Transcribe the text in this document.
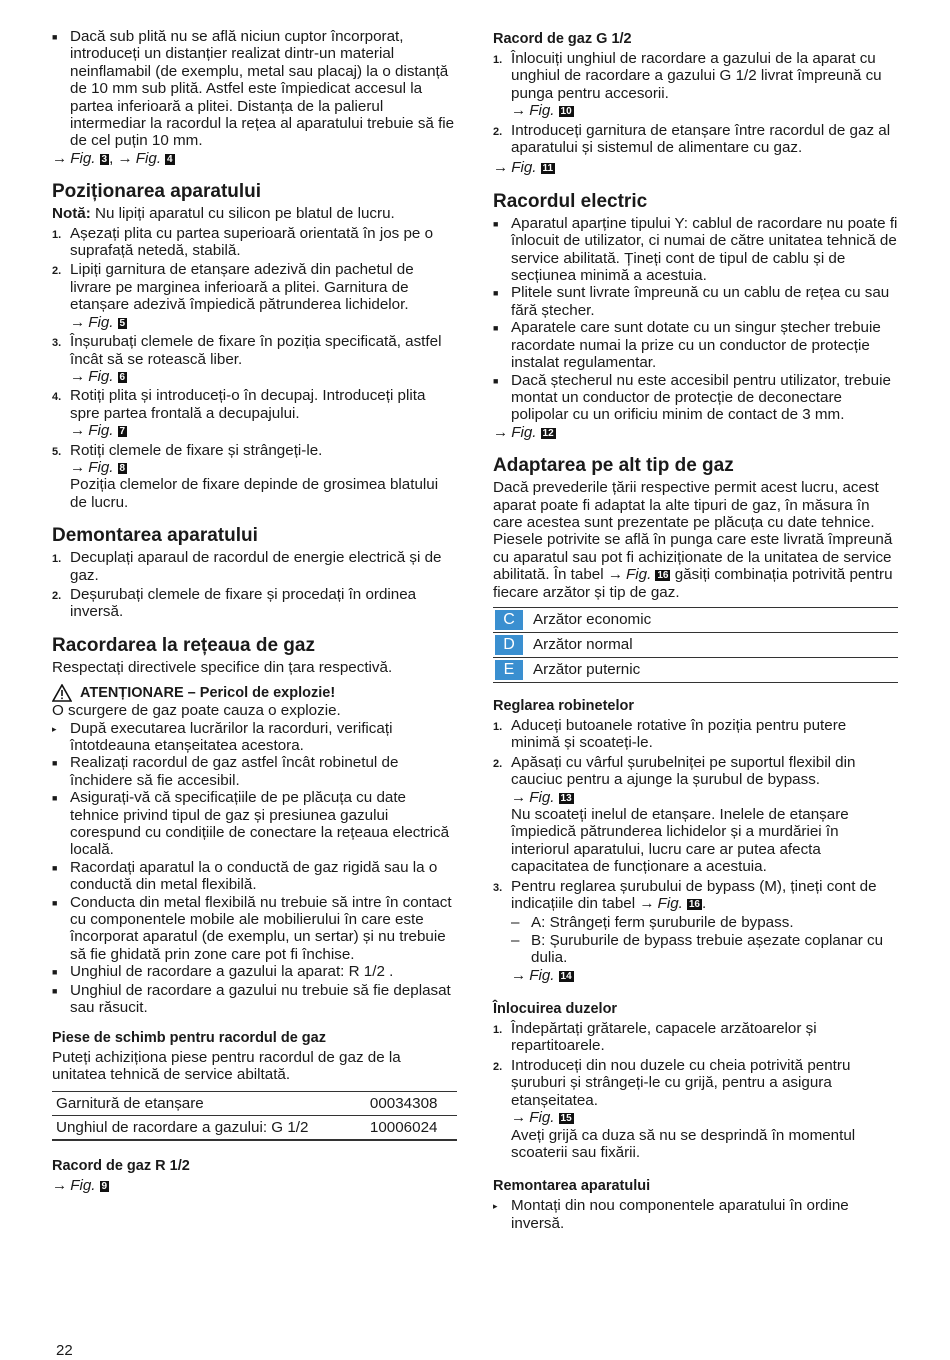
■ Dacă sub plită nu se află niciun cuptor încorporat, introduceți un distanțier realizat dintr-un material neinflamabil (de exemplu, metal sau placaj) la o distanță de 10 mm sub plită. Astfel este împiedicat accesul la partea inferioară a plitei. Distanța de la palierul intermediar la racordul la rețea al aparatului trebuie să fie de cel puțin 10 mm.
→ Fig. 3 , → Fig. 4
Poziționarea aparatului
Notă: Nu lipiți aparatul cu silicon pe blatul de lucru.
1. Așezați plita cu partea superioară orientată în jos pe o suprafață netedă, stabilă.
2. Lipiți garnitura de etanșare adezivă din pachetul de livrare pe marginea inferioară a plitei. Garnitura de etanșare adezivă împiedică pătrunderea lichidelor.
→ Fig. 5
3. Înșurubați clemele de fixare în poziția specificată, astfel încât să se rotească liber.
→ Fig. 6
4. Rotiți plita și introduceți-o în decupaj. Introduceți plita spre partea frontală a decupajului.
→ Fig. 7
5. Rotiți clemele de fixare și strângeți-le.
→ Fig. 8
Poziția clemelor de fixare depinde de grosimea blatului de lucru.
Demontarea aparatului
1. Decuplați aparaul de racordul de energie electrică și de gaz.
2. Deșurubați clemele de fixare și procedați în ordinea inversă.
Racordarea la rețeaua de gaz
Respectați directivele specifice din țara respectivă.
ATENȚIONARE – Pericol de explozie!
O scurgere de gaz poate cauza o explozie.
▸ După executarea lucrărilor la racorduri, verificați întotdeauna etanșeitatea acestora.
■ Realizați racordul de gaz astfel încât robinetul de închidere să fie accesibil.
■ Asigurați-vă că specificațiile de pe plăcuța cu date tehnice privind tipul de gaz și presiunea gazului corespund cu condițiile de conectare la rețeaua electrică locală.
■ Racordați aparatul la o conductă de gaz rigidă sau la o conductă din metal flexibilă.
■ Conducta din metal flexibilă nu trebuie să intre în contact cu componentele mobile ale mobilierului în care este încorporat aparatul (de exemplu, un sertar) și nu trebuie să fie ghidată prin zone care pot fi închise.
■ Unghiul de racordare a gazului la aparat: R 1/2 .
■ Unghiul de racordare a gazului nu trebuie să fie deplasat sau răsucit.
Piese de schimb pentru racordul de gaz
Puteți achiziționa piese pentru racordul de gaz de la unitatea tehnică de service abiltată.
Garnitură de etanșare	00034308
Unghiul de racordare a gazului: G 1/2	10006024
Racord de gaz R 1/2
→ Fig. 9
Racord de gaz G 1/2
1. Înlocuiți unghiul de racordare a gazului de la aparat cu unghiul de racordare a gazului G 1/2 livrat împreună cu punga pentru accesorii.
→ Fig. 10
2. Introduceți garnitura de etanșare între racordul de gaz al aparatului și sistemul de alimentare cu gaz.
→ Fig. 11
Racordul electric
■ Aparatul aparține tipului Y: cablul de racordare nu poate fi înlocuit de utilizator, ci numai de către unitatea tehnică de service abilitată. Țineți cont de tipul de cablu și de secțiunea minimă a acestuia.
■ Plitele sunt livrate împreună cu un cablu de rețea cu sau fără ștecher.
■ Aparatele care sunt dotate cu un singur ștecher trebuie racordate numai la prize cu un conductor de protecție instalat regulamentar.
■ Dacă ștecherul nu este accesibil pentru utilizator, trebuie montat un conductor de protecție de deconectare polipolar cu un orificiu minim de contact de 3 mm.
→ Fig. 12
Adaptarea pe alt tip de gaz
Dacă prevederile țării respective permit acest lucru, acest aparat poate fi adaptat la alte tipuri de gaz, în măsura în care acestea sunt prezentate pe plăcuța cu date tehnice.
Piesele potrivite se află în punga care este livrată împreună cu aparatul sau pot fi achiziționate de la unitatea de service abilitată. În tabel → Fig. 16 găsiți combinația potrivită pentru fiecare arzător și tip de gaz.
C	Arzător economic
D	Arzător normal
E	Arzător puternic
Reglarea robinetelor
1. Aduceți butoanele rotative în poziția pentru putere minimă și scoateți-le.
2. Apăsați cu vârful șurubelniței pe suportul flexibil din cauciuc pentru a ajunge la șurubul de bypass.
→ Fig. 13
Nu scoateți inelul de etanșare. Inelele de etanșare împiedică pătrunderea lichidelor și a murdăriei în interiorul aparatului, lucru care ar putea afecta capacitatea de funcționare a acestuia.
3. Pentru reglarea șurubului de bypass (M), țineți cont de indicațiile din tabel → Fig. 16 .
– A: Strângeți ferm șuruburile de bypass.
– B: Șuruburile de bypass trebuie așezate coplanar cu dulia.
→ Fig. 14
Înlocuirea duzelor
1. Îndepărtați grătarele, capacele arzătoarelor și repartitoarele.
2. Introduceți din nou duzele cu cheia potrivită pentru șuruburi și strângeți-le cu grijă, pentru a asigura etanșeitatea.
→ Fig. 15
Aveți grijă ca duza să nu se desprindă în momentul scoaterii sau fixării.
Remontarea aparatului
▸ Montați din nou componentele aparatului în ordine inversă.
22
